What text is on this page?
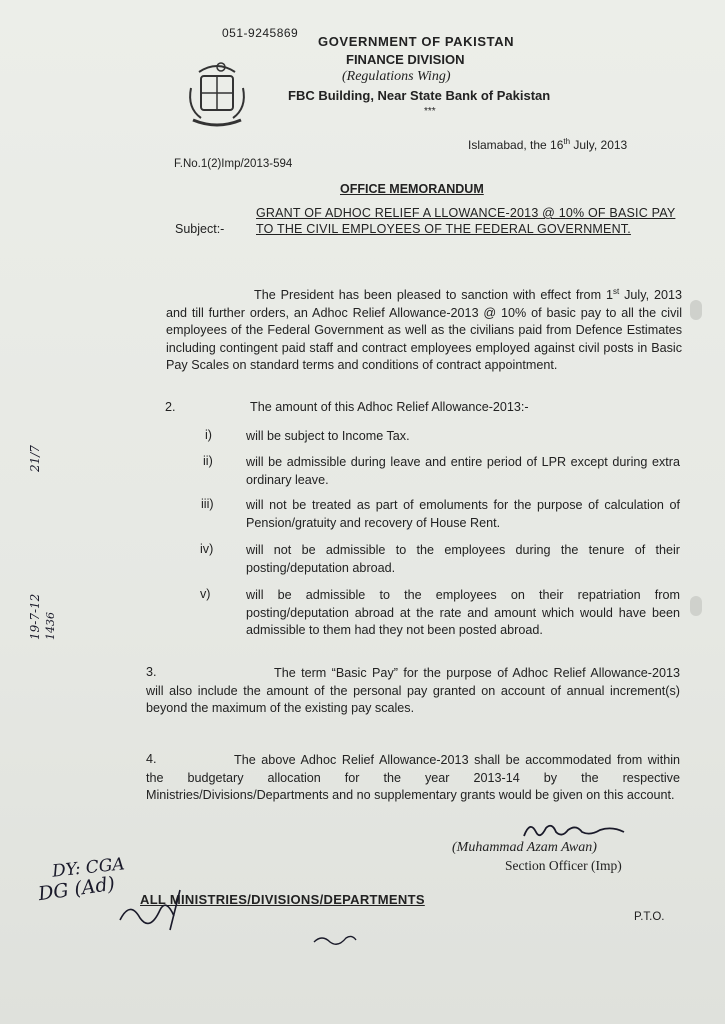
051-9245869
GOVERNMENT OF PAKISTAN
FINANCE DIVISION
(Regulations Wing)
FBC Building, Near State Bank of Pakistan
***
Islamabad, the 16th July, 2013
F.No.1(2)Imp/2013-594
OFFICE MEMORANDUM
Subject:-
GRANT OF ADHOC RELIEF A LLOWANCE-2013 @ 10% OF BASIC PAY TO THE CIVIL EMPLOYEES OF THE FEDERAL GOVERNMENT.
The President has been pleased to sanction with effect from 1st July, 2013 and till further orders, an Adhoc Relief Allowance-2013 @ 10% of basic pay to all the civil employees of the Federal Government as well as the civilians paid from Defence Estimates including contingent paid staff and contract employees employed against civil posts in Basic Pay Scales on standard terms and conditions of contract appointment.
2.	The amount of this Adhoc Relief Allowance-2013:-
i)	will be subject to Income Tax.
ii)	will be admissible during leave and entire period of LPR except during extra ordinary leave.
iii)	will not be treated as part of emoluments for the purpose of calculation of Pension/gratuity and recovery of House Rent.
iv)	will not be admissible to the employees during the tenure of their posting/deputation abroad.
v)	will be admissible to the employees on their repatriation from posting/deputation abroad at the rate and amount which would have been admissible to them had they not been posted abroad.
3.	The term “Basic Pay” for the purpose of Adhoc Relief Allowance-2013 will also include the amount of the personal pay granted on account of annual increment(s) beyond the maximum of the existing pay scales.
4.	The above Adhoc Relief Allowance-2013 shall be accommodated from within the budgetary allocation for the year 2013-14 by the respective Ministries/Divisions/Departments and no supplementary grants would be given on this account.
(Muhammad Azam Awan)
Section Officer (Imp)
ALL MINISTRIES/DIVISIONS/DEPARTMENTS
P.T.O.
DY: CGA
DG (Ad)
21/7
19-7-12 1436
